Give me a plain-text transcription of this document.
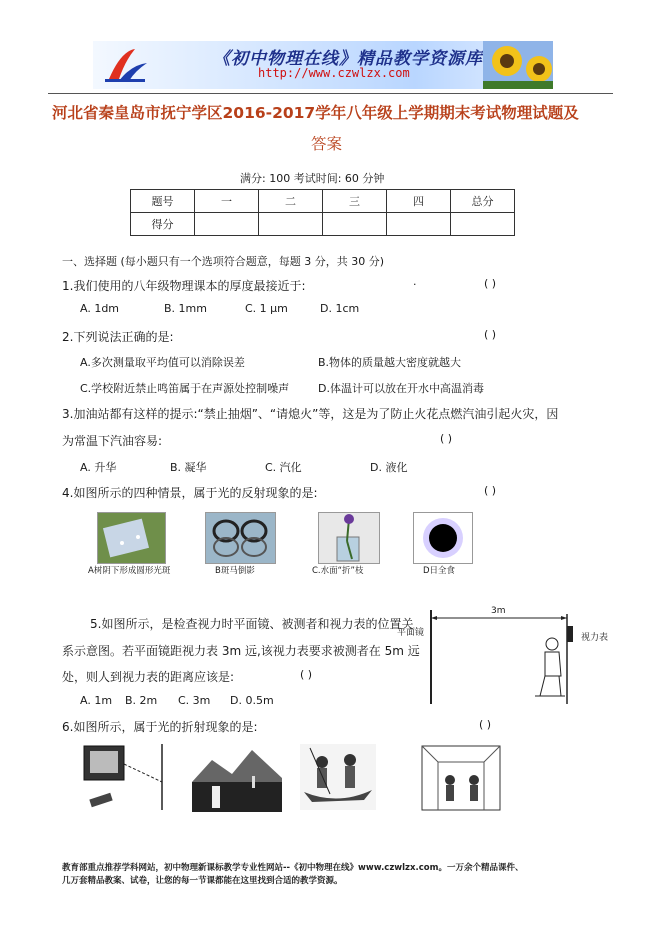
《初中物理在线》精品教学资源库
http://www.czwlzx.com
河北省秦皇岛市抚宁学区2016-2017学年八年级上学期期末考试物理试题及
答案
满分: 100 考试时间: 60 分钟
题号	一	二	三	四	总分
得分					
一、选择题 (每小题只有一个选项符合题意，每题 3 分，共 30 分)
1.我们使用的八年级物理课本的厚度最接近于:	.	( )
A. 1dm	B. 1mm	C. 1 μm	D. 1cm
2.下列说法正确的是:	( )
A.多次测量取平均值可以消除误差	B.物体的质量越大密度就越大
C.学校附近禁止鸣笛属于在声源处控制噪声	D.体温计可以放在开水中高温消毒
3.加油站都有这样的提示:“禁止抽烟”、“请熄火”等，这是为了防止火花点燃汽油引起火灾，因
为常温下汽油容易:	( )
A. 升华	B. 凝华	C. 汽化	D. 液化
4.如图所示的四种情景，属于光的反射现象的是:	( )
A树阴下形成圆形光斑	B斑马倒影	C.水面“折”枝	D日全食
5.如图所示，是检查视力时平面镜、被测者和视力表的位置关
系示意图。若平面镜距视力表 3m 远,该视力表要求被测者在 5m 远
处，则人到视力表的距离应该是:	( )
A. 1m B. 2m C. 3m D. 0.5m
平面镜	视力表
3m
6.如图所示，属于光的折射现象的是:	( )
教育部重点推荐学科网站，初中物理新课标教学专业性网站--《初中物理在线》www.czwlzx.com。一万余个精品课件、
几万套精品教案、试卷，让您的每一节课都能在这里找到合适的教学资源。
